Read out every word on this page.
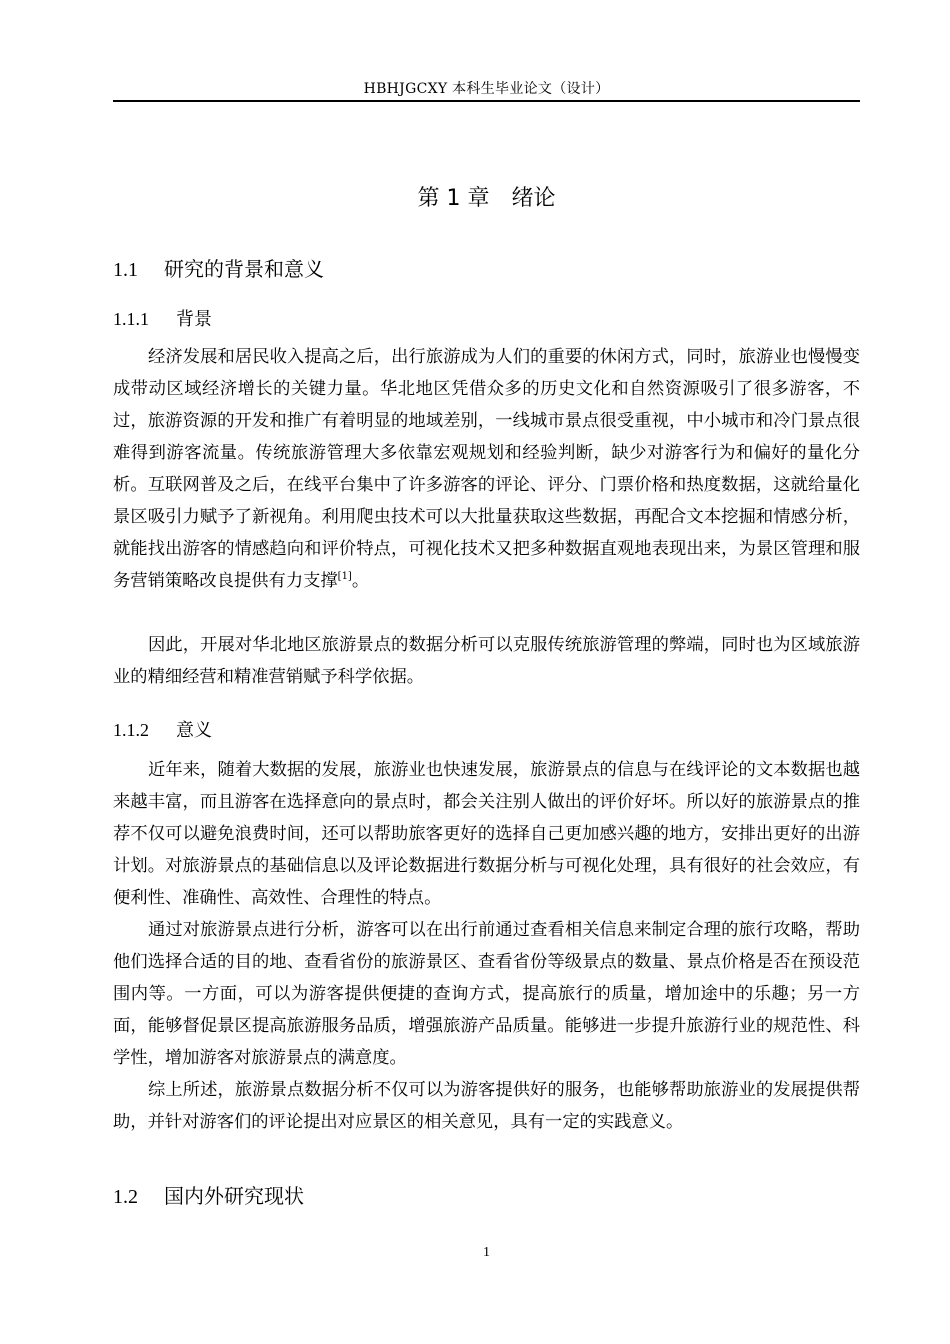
HBHJGCXY 本科生毕业论文（设计）
第 1 章　绪论
1.1 研究的背景和意义
1.1.1 背景

经济发展和居民收入提高之后，出行旅游成为人们的重要的休闲方式，同时，旅游业也慢慢变成带动区域经济增长的关键力量。华北地区凭借众多的历史文化和自然资源吸引了很多游客，不过，旅游资源的开发和推广有着明显的地域差别，一线城市景点很受重视，中小城市和冷门景点很难得到游客流量。传统旅游管理大多依靠宏观规划和经验判断，缺少对游客行为和偏好的量化分析。互联网普及之后，在线平台集中了许多游客的评论、评分、门票价格和热度数据，这就给量化景区吸引力赋予了新视角。利用爬虫技术可以大批量获取这些数据，再配合文本挖掘和情感分析，就能找出游客的情感趋向和评价特点，可视化技术又把多种数据直观地表现出来，为景区管理和服务营销策略改良提供有力支撑[1]。

因此，开展对华北地区旅游景点的数据分析可以克服传统旅游管理的弊端，同时也为区域旅游业的精细经营和精准营销赋予科学依据。

1.1.2 意义

近年来，随着大数据的发展，旅游业也快速发展，旅游景点的信息与在线评论的文本数据也越来越丰富，而且游客在选择意向的景点时，都会关注别人做出的评价好坏。所以好的旅游景点的推荐不仅可以避免浪费时间，还可以帮助旅客更好的选择自己更加感兴趣的地方，安排出更好的出游计划。对旅游景点的基础信息以及评论数据进行数据分析与可视化处理，具有很好的社会效应，有便利性、准确性、高效性、合理性的特点。

通过对旅游景点进行分析，游客可以在出行前通过查看相关信息来制定合理的旅行攻略，帮助他们选择合适的目的地、查看省份的旅游景区、查看省份等级景点的数量、景点价格是否在预设范围内等。一方面，可以为游客提供便捷的查询方式，提高旅行的质量，增加途中的乐趣；另一方面，能够督促景区提高旅游服务品质，增强旅游产品质量。能够进一步提升旅游行业的规范性、科学性，增加游客对旅游景点的满意度。

综上所述，旅游景点数据分析不仅可以为游客提供好的服务，也能够帮助旅游业的发展提供帮助，并针对游客们的评论提出对应景区的相关意见，具有一定的实践意义。

1.2 国内外研究现状
1
